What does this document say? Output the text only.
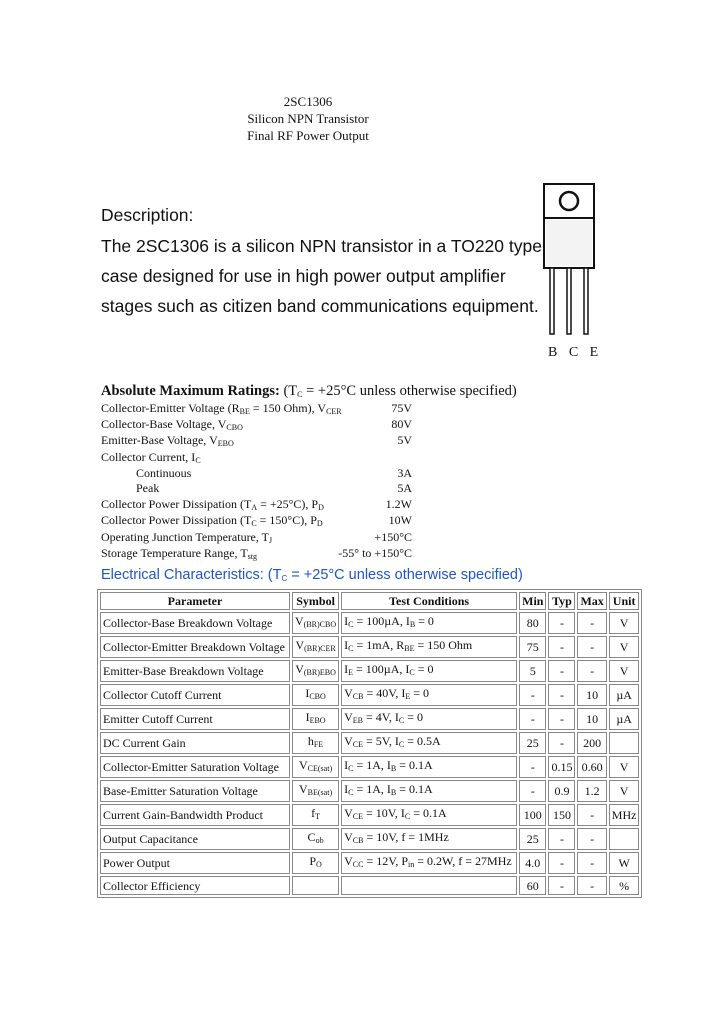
2SC1306
Silicon NPN Transistor
Final RF Power Output
Description:
The 2SC1306 is a silicon NPN transistor in a TO220 type
case designed for use in high power output amplifier
stages such as citizen band communications equipment.
B C E
Absolute Maximum Ratings: ($T_C = +25^\circ C$ unless otherwise specified)
Collector-Emitter Voltage ($R_{BE} = 150$ Ohm), $V_{CER}$	75V
Collector-Base Voltage, $V_{CBO}$	80V
Emitter-Base Voltage, $V_{EBO}$	5V
Collector Current, $I_C$
Continuous	3A
Peak	5A
Collector Power Dissipation $(T_A = +25^\circ C)$, $P_D$	1.2W
Collector Power Dissipation $(T_C = 150^\circ C)$, $P_D$	10W
Operating Junction Temperature, $T_J$	+150°C
Storage Temperature Range, $T_{stg}$	-55° to +150°C
Electrical Characteristics: ($T_C = +25^\circ C$ unless otherwise specified)
Parameter	Symbol	Test Conditions	Min	Typ	Max	Unit
Collector-Base Breakdown Voltage	$V_{(BR)CBO}$	$I_C = 100\mu A$, $I_B = 0$	80	-	-	V
Collector-Emitter Breakdown Voltage	$V_{(BR)CER}$	$I_C = 1mA$, $R_{BE} = 150$ Ohm	75	-	-	V
Emitter-Base Breakdown Voltage	$V_{(BR)EBO}$	$I_E = 100\mu A$, $I_C = 0$	5	-	-	V
Collector Cutoff Current	$I_{CBO}$	$V_{CB} = 40V$, $I_E = 0$	-	-	10	µA
Emitter Cutoff Current	$I_{EBO}$	$V_{EB} = 4V$, $I_C = 0$	-	-	10	µA
DC Current Gain	$h_{FE}$	$V_{CE} = 5V$, $I_C = 0.5A$	25	-	200	
Collector-Emitter Saturation Voltage	$V_{CE(sat)}$	$I_C = 1A$, $I_B = 0.1A$	-	0.15	0.60	V
Base-Emitter Saturation Voltage	$V_{BE(sat)}$	$I_C = 1A$, $I_B = 0.1A$	-	0.9	1.2	V
Current Gain-Bandwidth Product	$f_T$	$V_{CE} = 10V$, $I_C = 0.1A$	100	150	-	MHz
Output Capacitance	$C_{ob}$	$V_{CB} = 10V$, f = 1MHz	25	-	-	
Power Output	$P_O$	$V_{CC} = 12V$, $P_{in} = 0.2W$, f = 27MHz	4.0	-	-	W
Collector Efficiency			60	-	-	%
